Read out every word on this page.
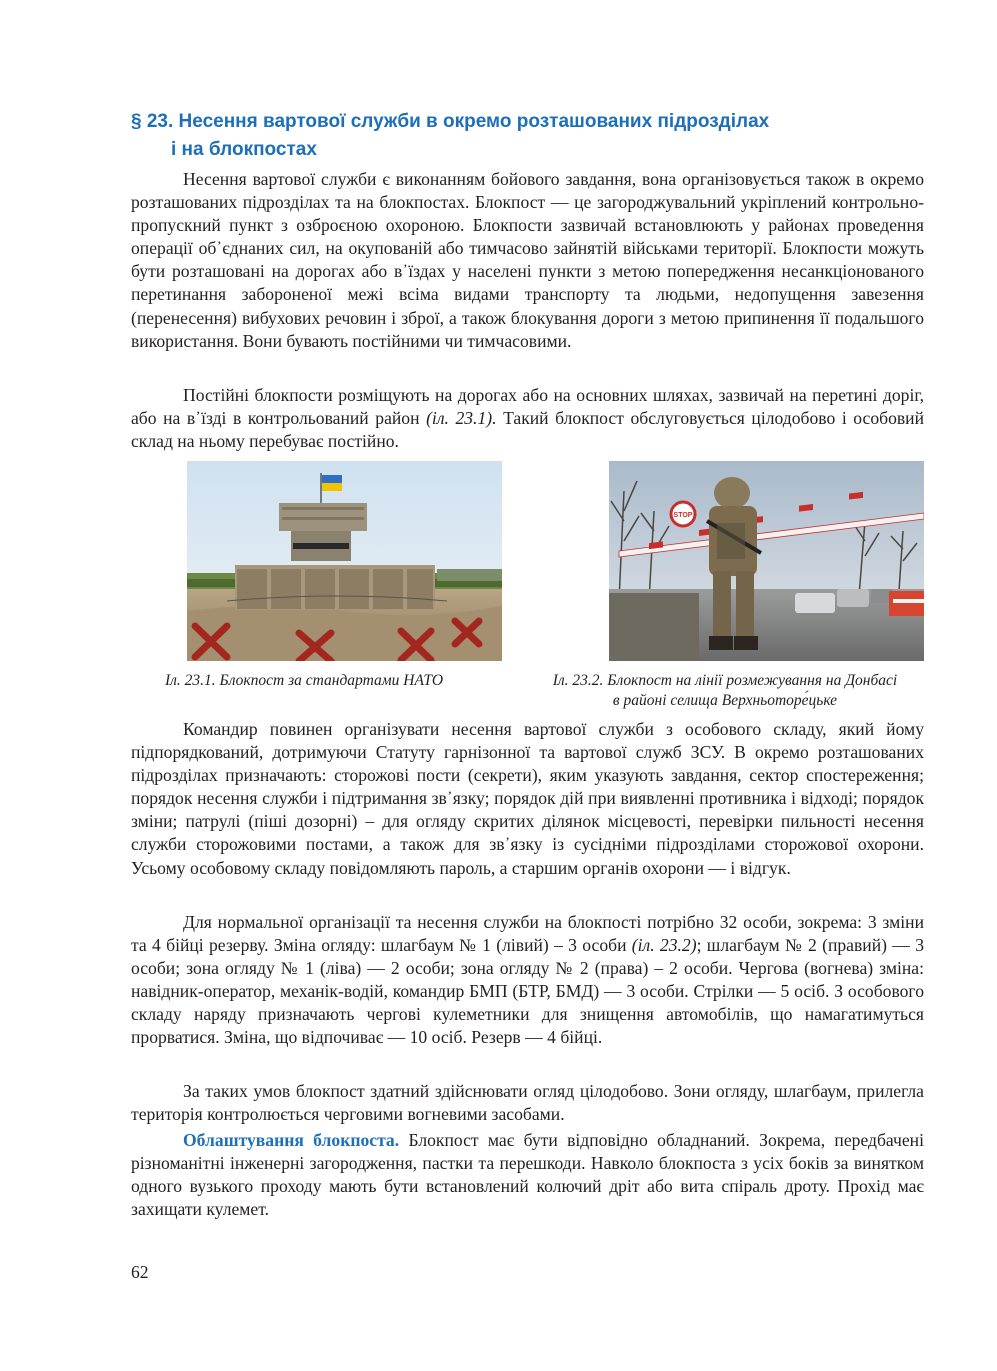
§ 23. Несення вартової служби в окремо розташованих підрозділах
і на блокпостах

Несення вартової служби є виконанням бойового завдання, вона організовується також в окремо розташованих підрозділах та на блокпостах. Блокпост — це загороджувальний укріплений контрольно-пропускний пункт з озброєною охороною. Блокпости зазвичай встановлюють у районах проведення операції об᾽єднаних сил, на окупованій або тимчасово зайнятій військами території. Блокпости можуть бути розташовані на дорогах або в᾽їздах у населені пункти з метою попередження несанкціонованого перетинання забороненої межі всіма видами транспорту та людьми, недопущення завезення (перенесення) вибухових речовин і зброї, а також блокування дороги з метою припинення її подальшого використання. Вони бувають постійними чи тимчасовими.

Постійні блокпости розміщують на дорогах або на основних шляхах, зазвичай на перетині доріг, або на в᾽їзді в контрольований район (іл. 23.1). Такий блокпост обслуговується цілодобово і особовий склад на ньому перебуває постійно.

STOP

Іл. 23.1. Блокпост за стандартами НАТО	Іл. 23.2. Блокпост на лінії розмежування на Донбасі
в районі селища Верхньоторе́цьке

Командир повинен організувати несення вартової служби з особового складу, який йому підпорядкований, дотримуючи Статуту гарнізонної та вартової служб ЗСУ. В окремо розташованих підрозділах призначають: сторожові пости (секрети), яким указують завдання, сектор спостереження; порядок несення служби і підтримання зв᾽язку; порядок дій при виявленні противника і відході; порядок зміни; патрулі (піші дозорні) – для огляду скритих ділянок місцевості, перевірки пильності несення служби сторожовими постами, а також для зв᾽язку із сусідніми підрозділами сторожової охорони. Усьому особовому складу повідомляють пароль, а старшим органів охорони — і відгук.

Для нормальної організації та несення служби на блокпості потрібно 32 особи, зокрема: 3 зміни та 4 бійці резерву. Зміна огляду: шлагбаум № 1 (лівий) – 3 особи (іл. 23.2); шлагбаум № 2 (правий) — 3 особи; зона огляду № 1 (ліва) — 2 особи; зона огляду № 2 (права) – 2 особи. Чергова (вогнева) зміна: навідник-оператор, механік-водій, командир БМП (БТР, БМД) — 3 особи. Стрілки — 5 осіб. З особового складу наряду призначають чергові кулеметники для знищення автомобілів, що намагатимуться прорватися. Зміна, що відпочиває — 10 осіб. Резерв — 4 бійці.

За таких умов блокпост здатний здійснювати огляд цілодобово. Зони огляду, шлагбаум, прилегла територія контролюється черговими вогневими засобами.

Облаштування блокпоста. Блокпост має бути відповідно обладнаний. Зокрема, передбачені різноманітні інженерні загородження, пастки та перешкоди. Навколо блокпоста з усіх боків за винятком одного вузького проходу мають бути встановлений колючий дріт або вита спіраль дроту. Прохід має захищати кулемет.

62
